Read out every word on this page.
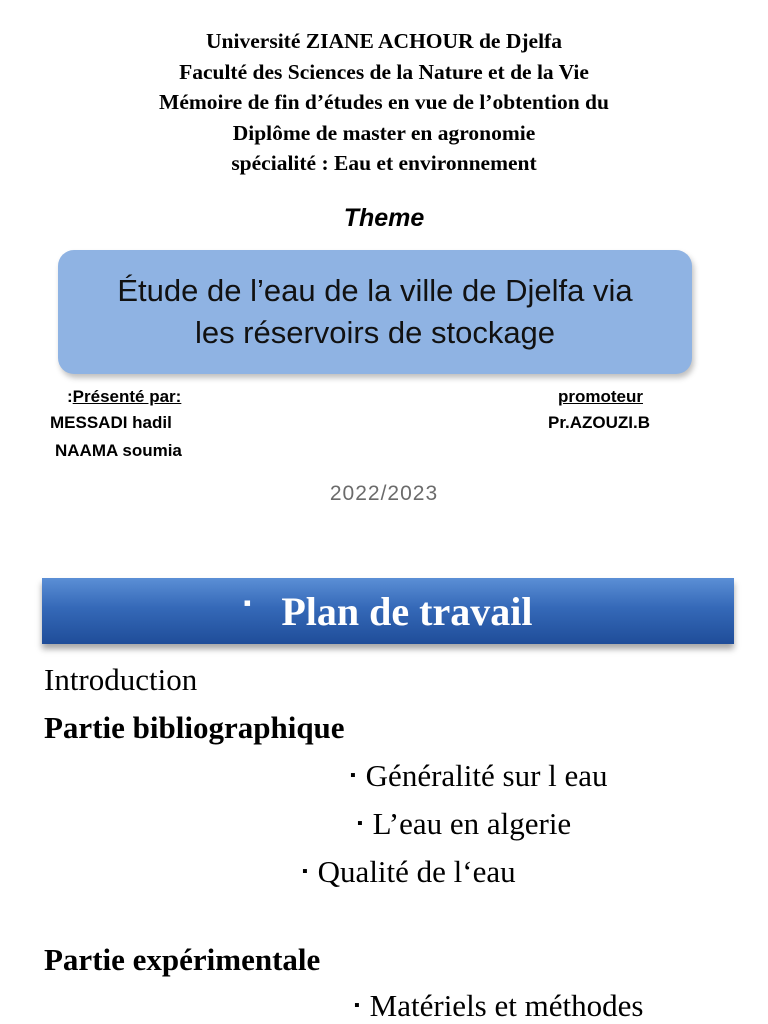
Université ZIANE ACHOUR de Djelfa
Faculté des Sciences de la Nature et de la Vie
Mémoire de fin d’études en vue de l’obtention du
Diplôme de master en agronomie
spécialité : Eau et environnement
Theme
Étude de l’eau de la ville de Djelfa via
les réservoirs de stockage
:Présenté par:
MESSADI hadil
NAAMA soumia
promoteur
Pr.AZOUZI.B
2022/2023
▪ Plan de travail
Introduction
Partie bibliographique
▪ Généralité sur l eau
▪ L’eau en algerie
▪ Qualité de l‘eau
Partie expérimentale
▪ Matériels et méthodes
